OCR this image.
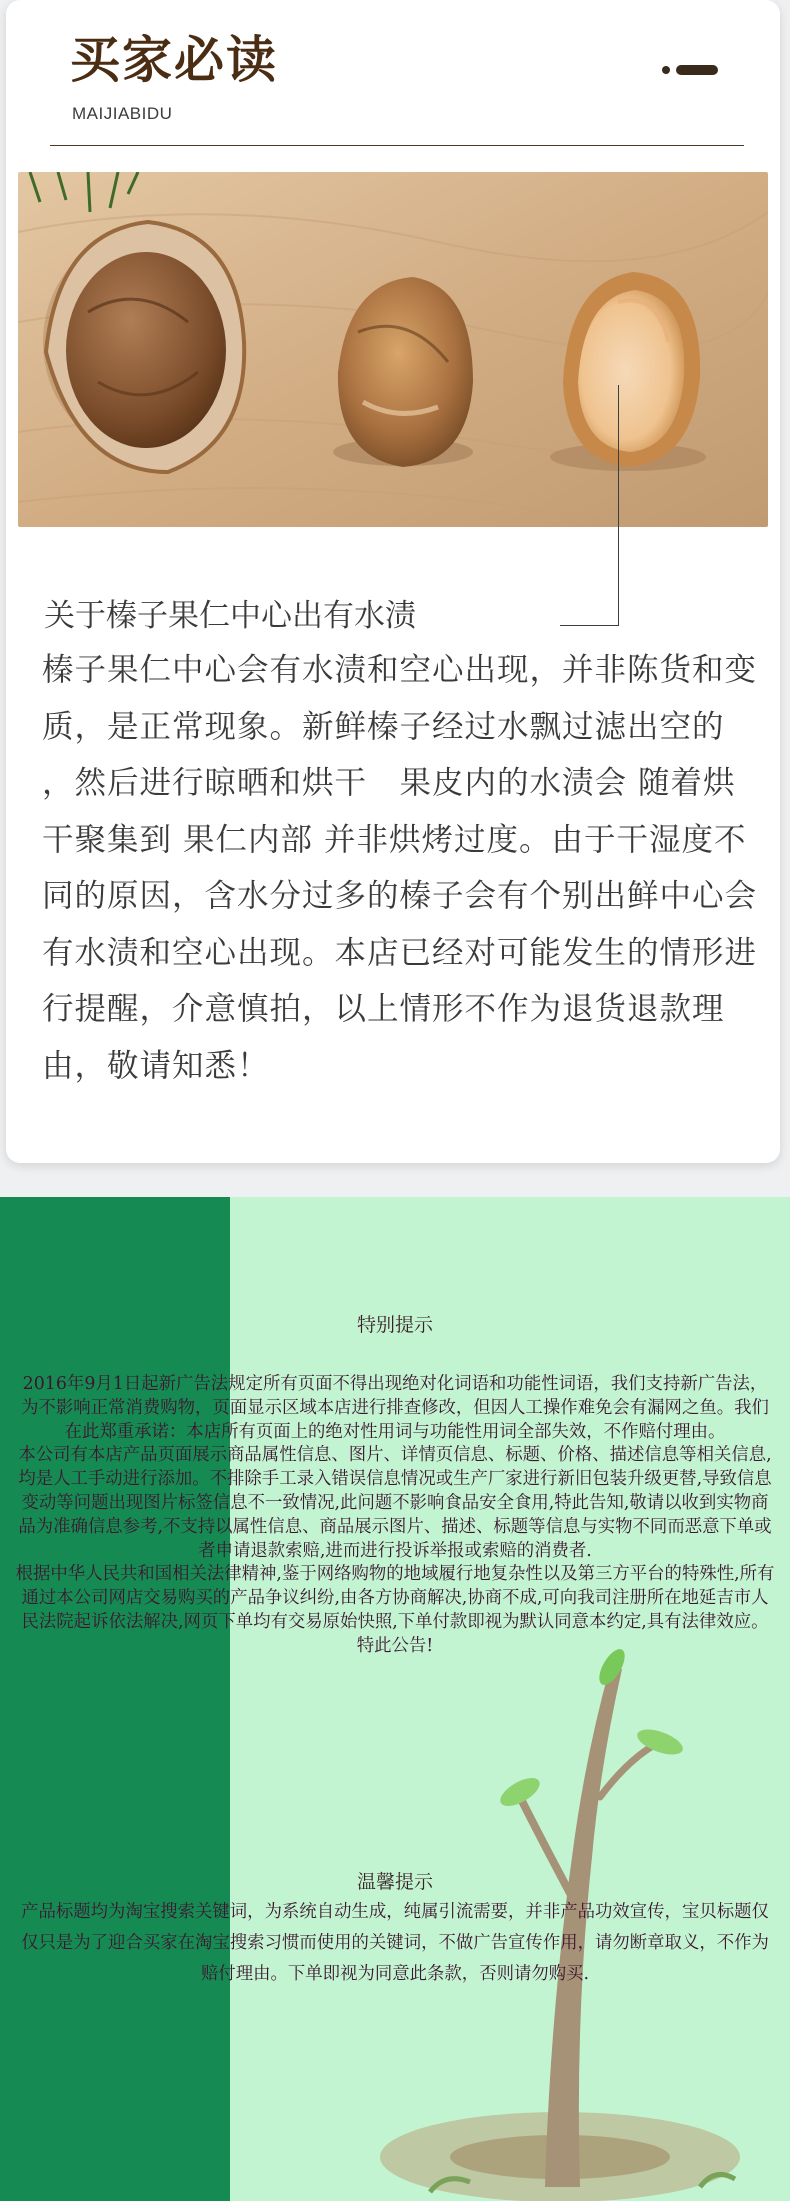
买家必读
MAIJIABIDU
关于榛子果仁中心出有水渍

榛子果仁中心会有水渍和空心出现，并非陈货和变质，是正常现象。新鲜榛子经过水飘过滤出空的 ，然后进行晾晒和烘干　果皮内的水渍会 随着烘干聚集到 果仁内部 并非烘烤过度。由于干湿度不同的原因，含水分过多的榛子会有个别出鲜中心会有水渍和空心出现。本店已经对可能发生的情形进行提醒，介意慎拍，以上情形不作为退货退款理由，敬请知悉！

特别提示

2016年9月1日起新广告法规定所有页面不得出现绝对化词语和功能性词语，我们支持新广告法，为不影响正常消费购物，页面显示区域本店进行排查修改，但因人工操作难免会有漏网之鱼。我们在此郑重承诺：本店所有页面上的绝对性用词与功能性用词全部失效，不作赔付理由。

本公司有本店产品页面展示商品属性信息、图片、详情页信息、标题、价格、描述信息等相关信息,均是人工手动进行添加。不排除手工录入错误信息情况或生产厂家进行新旧包装升级更替,导致信息变动等问题出现图片标签信息不一致情况,此问题不影响食品安全食用,特此告知,敬请以收到实物商品为准确信息参考,不支持以属性信息、商品展示图片、描述、标题等信息与实物不同而恶意下单或者申请退款索赔,进而进行投诉举报或索赔的消费者.

根据中华人民共和国相关法律精神,鉴于网络购物的地域履行地复杂性以及第三方平台的特殊性,所有通过本公司网店交易购买的产品争议纠纷,由各方协商解决,协商不成,可向我司注册所在地延吉市人民法院起诉依法解决,网页下单均有交易原始快照,下单付款即视为默认同意本约定,具有法律效应。

特此公告!

温馨提示

产品标题均为淘宝搜索关键词，为系统自动生成，纯属引流需要，并非产品功效宣传，宝贝标题仅仅只是为了迎合买家在淘宝搜索习惯而使用的关键词，不做广告宣传作用，请勿断章取义，不作为赔付理由。下单即视为同意此条款，否则请勿购买.
